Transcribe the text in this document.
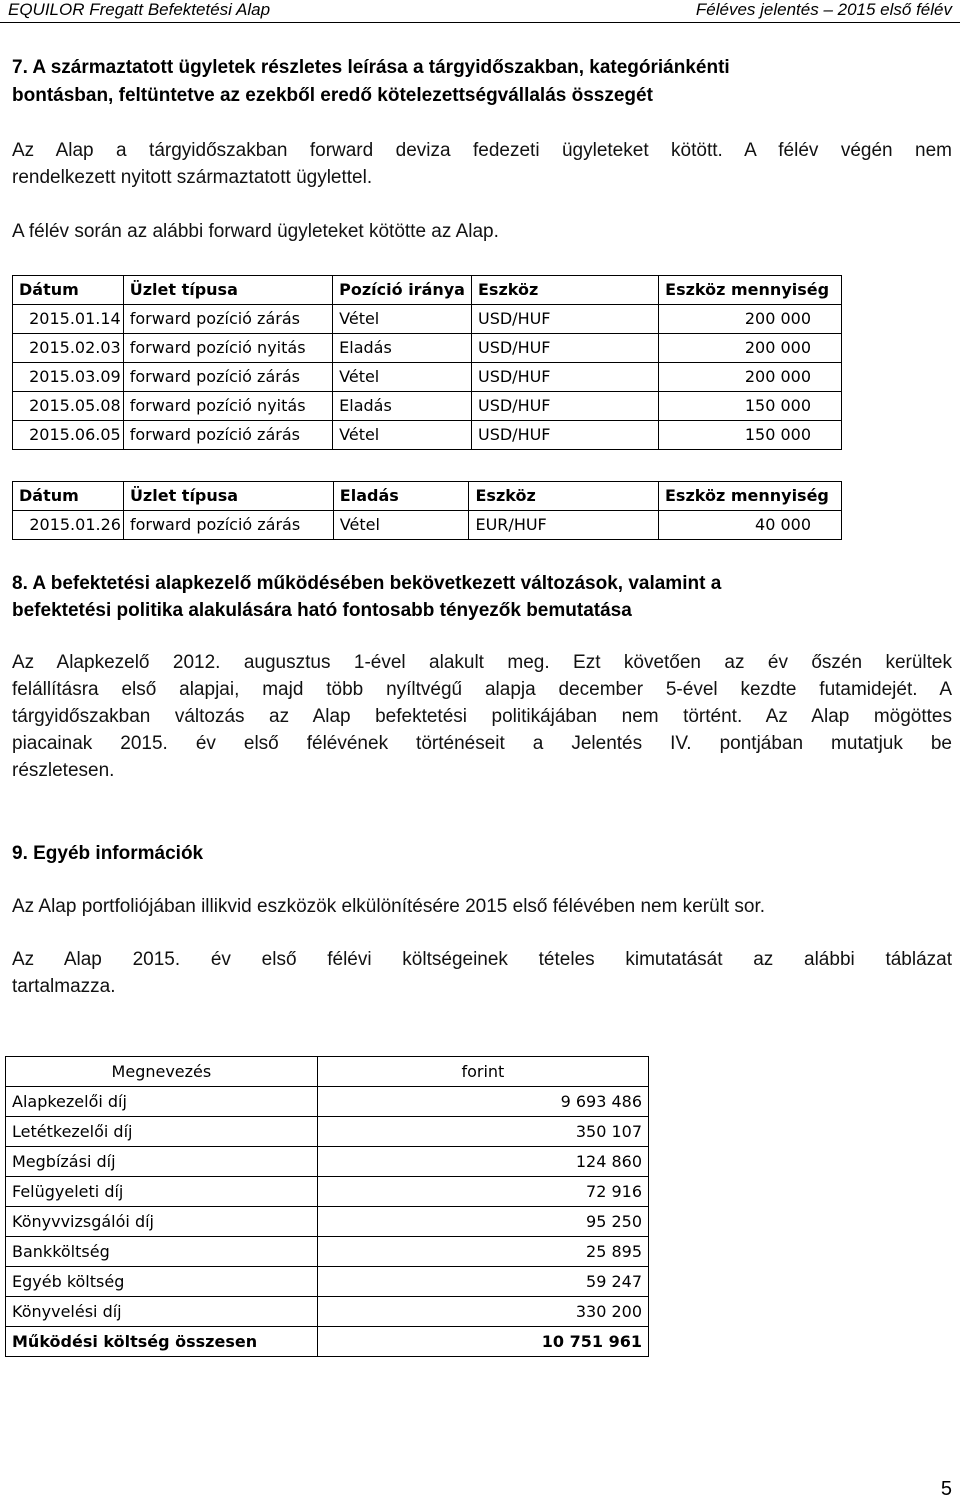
EQUILOR Fregatt Befektetési Alap	Féléves jelentés – 2015 első félév
7. A származtatott ügyletek részletes leírása a tárgyidőszakban, kategóriánkénti
bontásban, feltüntetve az ezekből eredő kötelezettségvállalás összegét
Az Alap a tárgyidőszakban forward deviza fedezeti ügyleteket kötött. A félév végén nem
rendelkezett nyitott származtatott ügylettel.
A félév során az alábbi forward ügyleteket kötötte az Alap.
Dátum	Üzlet típusa	Pozíció iránya	Eszköz	Eszköz mennyiség
2015.01.14	forward pozíció zárás	Vétel	USD/HUF	200 000
2015.02.03	forward pozíció nyitás	Eladás	USD/HUF	200 000
2015.03.09	forward pozíció zárás	Vétel	USD/HUF	200 000
2015.05.08	forward pozíció nyitás	Eladás	USD/HUF	150 000
2015.06.05	forward pozíció zárás	Vétel	USD/HUF	150 000
Dátum	Üzlet típusa	Eladás	Eszköz	Eszköz mennyiség
2015.01.26	forward pozíció zárás	Vétel	EUR/HUF	40 000
8. A befektetési alapkezelő működésében bekövetkezett változások, valamint a
befektetési politika alakulására ható fontosabb tényezők bemutatása
Az Alapkezelő 2012. augusztus 1-ével alakult meg. Ezt követően az év őszén kerültek
felállításra első alapjai, majd több nyíltvégű alapja december 5-ével kezdte futamidejét. A
tárgyidőszakban változás az Alap befektetési politikájában nem történt. Az Alap mögöttes
piacainak 2015. év első félévének történéseit a Jelentés IV. pontjában mutatjuk be
részletesen.
9. Egyéb információk
Az Alap portfoliójában illikvid eszközök elkülönítésére 2015 első félévében nem került sor.
Az Alap 2015. év első félévi költségeinek tételes kimutatását az alábbi táblázat
tartalmazza.
Megnevezés	forint
Alapkezelői díj	9 693 486
Letétkezelői díj	350 107
Megbízási díj	124 860
Felügyeleti díj	72 916
Könyvvizsgálói díj	95 250
Bankköltség	25 895
Egyéb költség	59 247
Könyvelési díj	330 200
Működési költség összesen	10 751 961
5
